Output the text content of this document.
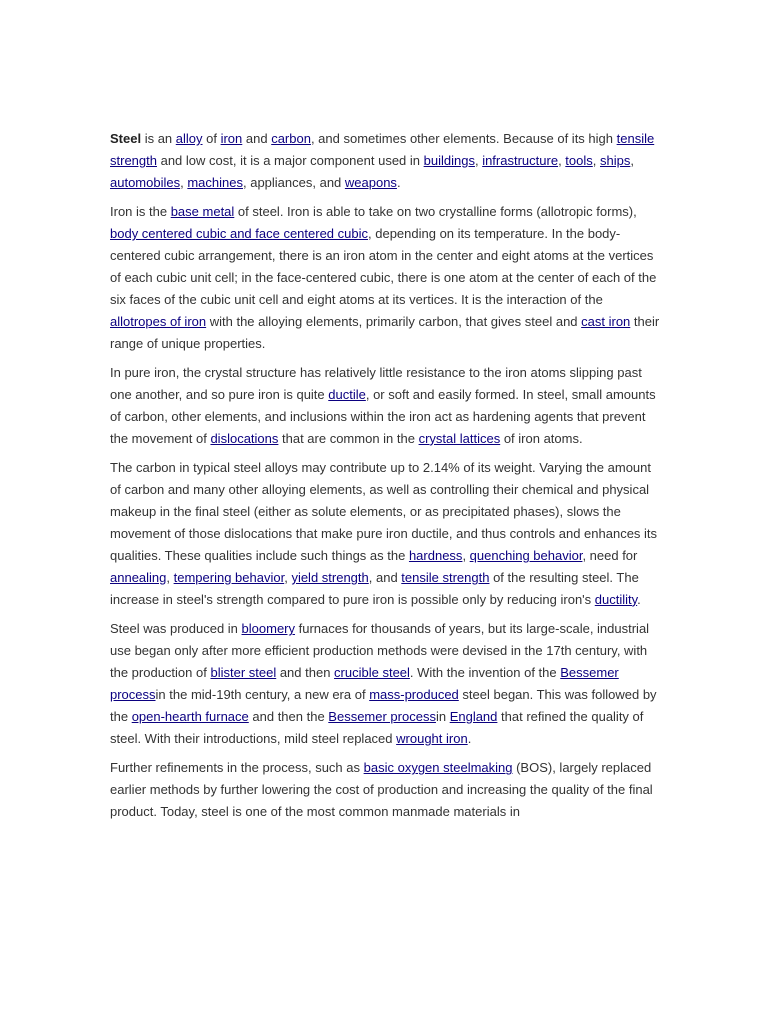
Steel is an alloy of iron and carbon, and sometimes other elements. Because of its high tensile strength and low cost, it is a major component used in buildings, infrastructure, tools, ships, automobiles, machines, appliances, and weapons.

Iron is the base metal of steel. Iron is able to take on two crystalline forms (allotropic forms), body centered cubic and face centered cubic, depending on its temperature. In the body-centered cubic arrangement, there is an iron atom in the center and eight atoms at the vertices of each cubic unit cell; in the face-centered cubic, there is one atom at the center of each of the six faces of the cubic unit cell and eight atoms at its vertices. It is the interaction of the allotropes of iron with the alloying elements, primarily carbon, that gives steel and cast iron their range of unique properties.

In pure iron, the crystal structure has relatively little resistance to the iron atoms slipping past one another, and so pure iron is quite ductile, or soft and easily formed. In steel, small amounts of carbon, other elements, and inclusions within the iron act as hardening agents that prevent the movement of dislocations that are common in the crystal lattices of iron atoms.

The carbon in typical steel alloys may contribute up to 2.14% of its weight. Varying the amount of carbon and many other alloying elements, as well as controlling their chemical and physical makeup in the final steel (either as solute elements, or as precipitated phases), slows the movement of those dislocations that make pure iron ductile, and thus controls and enhances its qualities. These qualities include such things as the hardness, quenching behavior, need for annealing, tempering behavior, yield strength, and tensile strength of the resulting steel. The increase in steel's strength compared to pure iron is possible only by reducing iron's ductility.

Steel was produced in bloomery furnaces for thousands of years, but its large-scale, industrial use began only after more efficient production methods were devised in the 17th century, with the production of blister steel and then crucible steel. With the invention of the Bessemer processin the mid-19th century, a new era of mass-produced steel began. This was followed by the open-hearth furnace and then the Bessemer processin England that refined the quality of steel. With their introductions, mild steel replaced wrought iron.

Further refinements in the process, such as basic oxygen steelmaking (BOS), largely replaced earlier methods by further lowering the cost of production and increasing the quality of the final product. Today, steel is one of the most common manmade materials in
